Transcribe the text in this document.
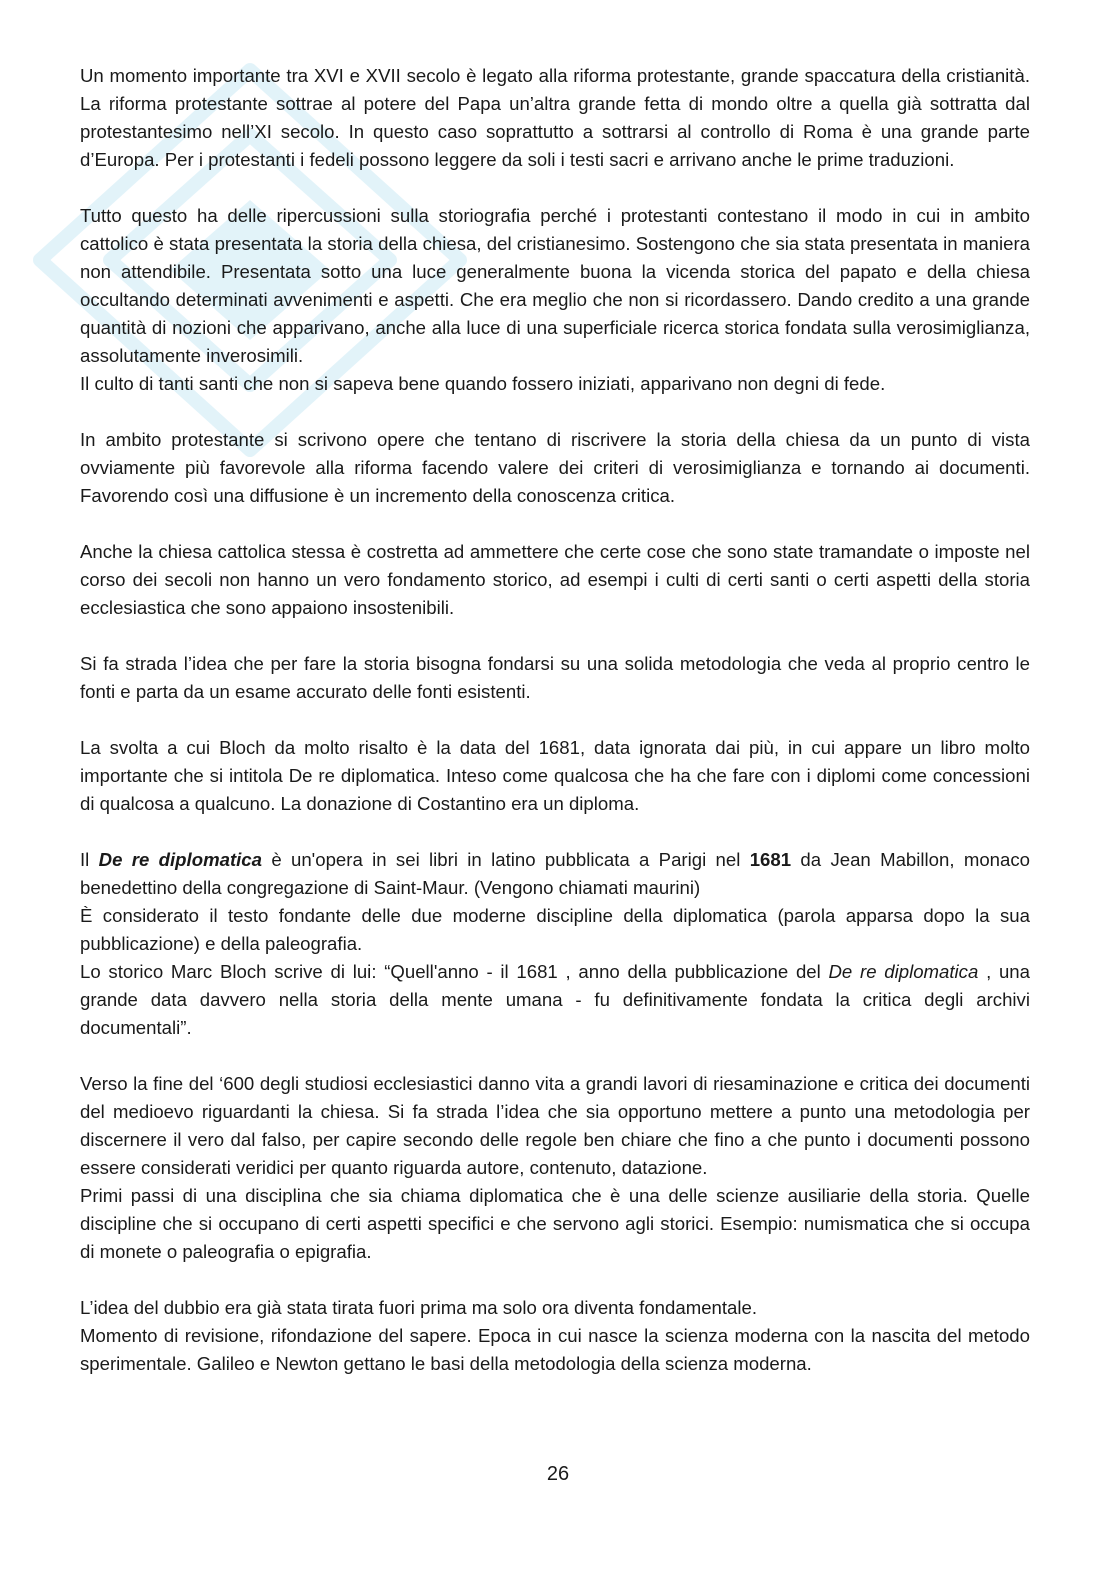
Un momento importante tra XVI e XVII secolo è legato alla riforma protestante, grande spaccatura della cristianità. La riforma protestante sottrae al potere del Papa un’altra grande fetta di mondo oltre a quella già sottratta dal protestantesimo nell’XI secolo. In questo caso soprattutto a sottrarsi al controllo di Roma è una grande parte d’Europa. Per i protestanti i fedeli possono leggere da soli i testi sacri e arrivano anche le prime traduzioni.

Tutto questo ha delle ripercussioni sulla storiografia perché i protestanti contestano il modo in cui in ambito cattolico è stata presentata la storia della chiesa, del cristianesimo. Sostengono che sia stata presentata in maniera non attendibile. Presentata sotto una luce generalmente buona la vicenda storica del papato e della chiesa occultando determinati avvenimenti e aspetti. Che era meglio che non si ricordassero. Dando credito a una grande quantità di nozioni che apparivano, anche alla luce di una superficiale ricerca storica fondata sulla verosimiglianza, assolutamente inverosimili.
Il culto di tanti santi che non si sapeva bene quando fossero iniziati, apparivano non degni di fede.

In ambito protestante si scrivono opere che tentano di riscrivere la storia della chiesa da un punto di vista ovviamente più favorevole alla riforma facendo valere dei criteri di verosimiglianza e tornando ai documenti. Favorendo così una diffusione è un incremento della conoscenza critica.

Anche la chiesa cattolica stessa è costretta ad ammettere che certe cose che sono state tramandate o imposte nel corso dei secoli non hanno un vero fondamento storico, ad esempi i culti di certi santi o certi aspetti della storia ecclesiastica che sono appaiono insostenibili.

Si fa strada l’idea che per fare la storia bisogna fondarsi su una solida metodologia che veda al proprio centro le fonti e parta da un esame accurato delle fonti esistenti.

La svolta a cui Bloch da molto risalto è la data del 1681, data ignorata dai più, in cui appare un libro molto importante che si intitola De re diplomatica. Inteso come qualcosa che ha che fare con i diplomi come concessioni di qualcosa a qualcuno. La donazione di Costantino era un diploma.

Il De re diplomatica è un'opera in sei libri in latino pubblicata a Parigi nel 1681 da Jean Mabillon, monaco benedettino della congregazione di Saint-Maur. (Vengono chiamati maurini)
È considerato il testo fondante delle due moderne discipline della diplomatica (parola apparsa dopo la sua pubblicazione) e della paleografia.
Lo storico Marc Bloch scrive di lui: “Quell'anno - il 1681 , anno della pubblicazione del De re diplomatica , una grande data davvero nella storia della mente umana - fu definitivamente fondata la critica degli archivi documentali”.

Verso la fine del ‘600 degli studiosi ecclesiastici danno vita a grandi lavori di riesaminazione e critica dei documenti del medioevo riguardanti la chiesa. Si fa strada l’idea che sia opportuno mettere a punto una metodologia per discernere il vero dal falso, per capire secondo delle regole ben chiare che fino a che punto i documenti possono essere considerati veridici per quanto riguarda autore, contenuto, datazione.
Primi passi di una disciplina che sia chiama diplomatica che è una delle scienze ausiliarie della storia. Quelle discipline che si occupano di certi aspetti specifici e che servono agli storici. Esempio: numismatica che si occupa di monete o paleografia o epigrafia.

L’idea del dubbio era già stata tirata fuori prima ma solo ora diventa fondamentale.
Momento di revisione, rifondazione del sapere. Epoca in cui nasce la scienza moderna con la nascita del metodo sperimentale. Galileo e Newton gettano le basi della metodologia della scienza moderna.

26
